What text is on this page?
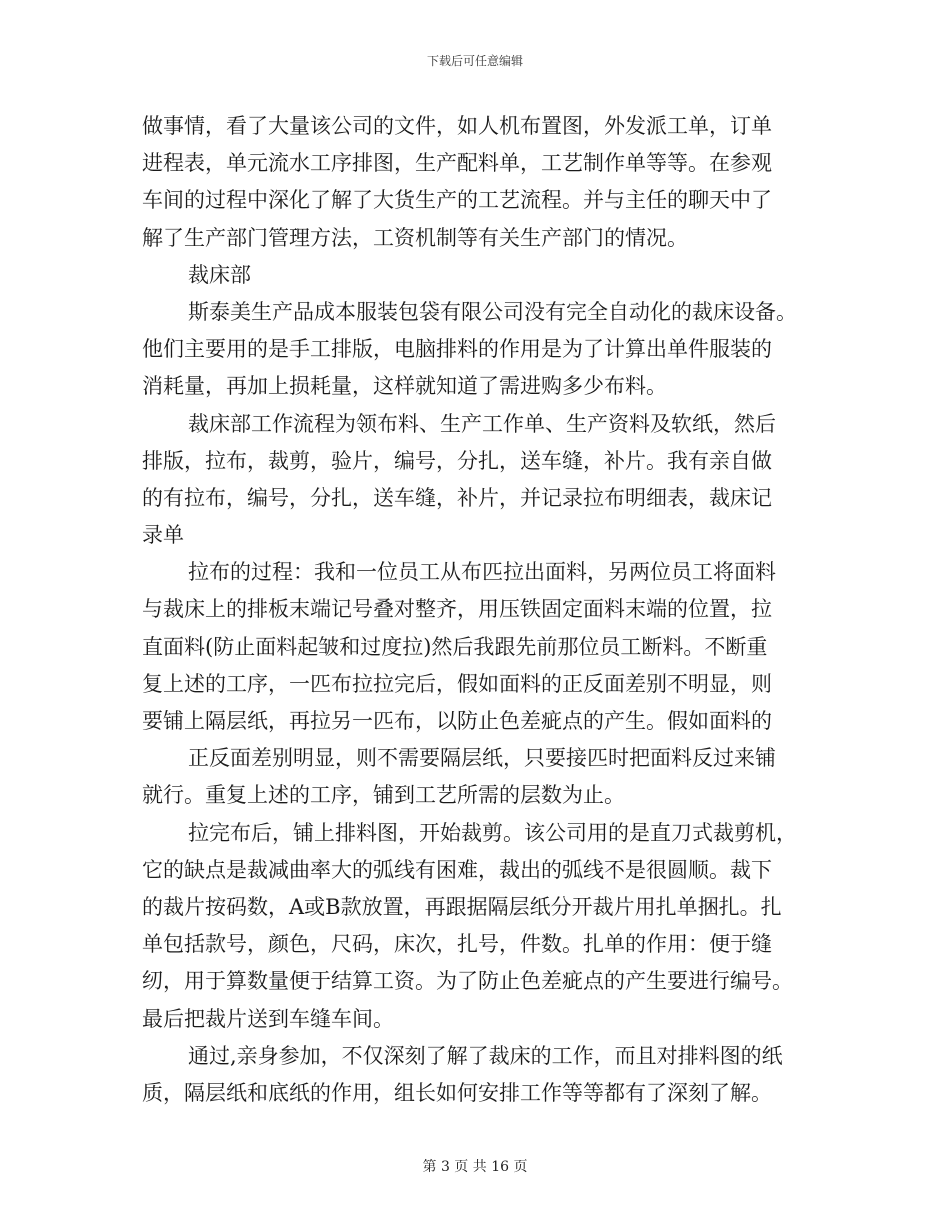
下载后可任意编辑
做事情，看了大量该公司的文件，如人机布置图，外发派工单，订单
进程表，单元流水工序排图，生产配料单，工艺制作单等等。在参观
车间的过程中深化了解了大货生产的工艺流程。并与主任的聊天中了
解了生产部门管理方法，工资机制等有关生产部门的情况。
裁床部
斯泰美生产品成本服装包袋有限公司没有完全自动化的裁床设备。
他们主要用的是手工排版，电脑排料的作用是为了计算出单件服装的
消耗量，再加上损耗量，这样就知道了需进购多少布料。
裁床部工作流程为领布料、生产工作单、生产资料及软纸，然后
排版，拉布，裁剪，验片，编号，分扎，送车缝，补片。我有亲自做
的有拉布，编号，分扎，送车缝，补片，并记录拉布明细表，裁床记
录单
拉布的过程：我和一位员工从布匹拉出面料，另两位员工将面料
与裁床上的排板末端记号叠对整齐，用压铁固定面料末端的位置，拉
直面料(防止面料起皱和过度拉)然后我跟先前那位员工断料。不断重
复上述的工序，一匹布拉拉完后，假如面料的正反面差别不明显，则
要铺上隔层纸，再拉另一匹布，以防止色差疵点的产生。假如面料的
正反面差别明显，则不需要隔层纸，只要接匹时把面料反过来铺
就行。重复上述的工序，铺到工艺所需的层数为止。
拉完布后，铺上排料图，开始裁剪。该公司用的是直刀式裁剪机，
它的缺点是裁减曲率大的弧线有困难，裁出的弧线不是很圆顺。裁下
的裁片按码数，A或B款放置，再跟据隔层纸分开裁片用扎单捆扎。扎
单包括款号，颜色，尺码，床次，扎号，件数。扎单的作用：便于缝
纫，用于算数量便于结算工资。为了防止色差疵点的产生要进行编号。
最后把裁片送到车缝车间。
通过,亲身参加，不仅深刻了解了裁床的工作，而且对排料图的纸
质，隔层纸和底纸的作用，组长如何安排工作等等都有了深刻了解。
第 3 页 共 16 页
